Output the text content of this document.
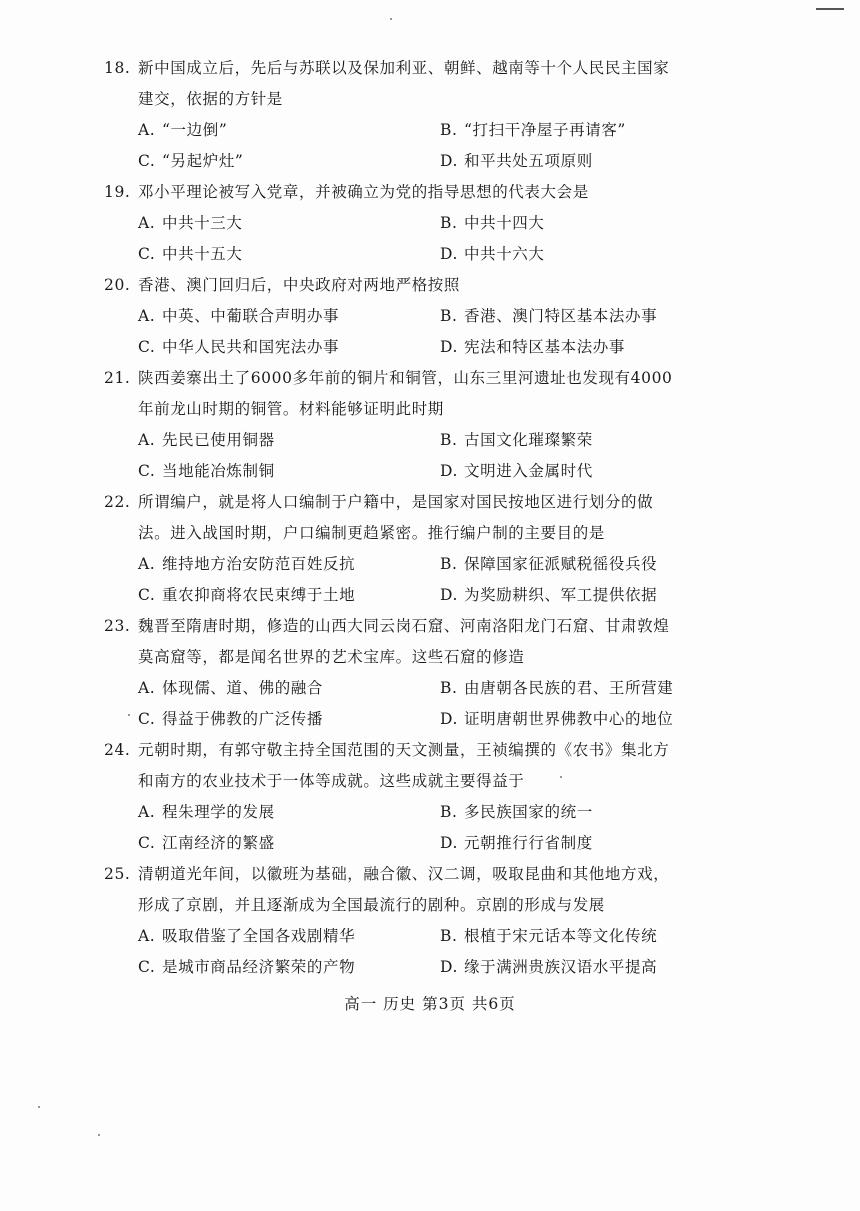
18. 新中国成立后，先后与苏联以及保加利亚、朝鲜、越南等十个人民民主国家建交，依据的方针是
A. “一边倒”	B. “打扫干净屋子再请客”
C. “另起炉灶”	D. 和平共处五项原则
19. 邓小平理论被写入党章，并被确立为党的指导思想的代表大会是
A. 中共十三大	B. 中共十四大
C. 中共十五大	D. 中共十六大
20. 香港、澳门回归后，中央政府对两地严格按照
A. 中英、中葡联合声明办事	B. 香港、澳门特区基本法办事
C. 中华人民共和国宪法办事	D. 宪法和特区基本法办事
21. 陕西姜寨出土了6000多年前的铜片和铜管，山东三里河遗址也发现有4000年前龙山时期的铜管。材料能够证明此时期
A. 先民已使用铜器	B. 古国文化璀璨繁荣
C. 当地能冶炼制铜	D. 文明进入金属时代
22. 所谓编户，就是将人口编制于户籍中，是国家对国民按地区进行划分的做法。进入战国时期，户口编制更趋紧密。推行编户制的主要目的是
A. 维持地方治安防范百姓反抗	B. 保障国家征派赋税徭役兵役
C. 重农抑商将农民束缚于土地	D. 为奖励耕织、军工提供依据
23. 魏晋至隋唐时期，修造的山西大同云岗石窟、河南洛阳龙门石窟、甘肃敦煌莫高窟等，都是闻名世界的艺术宝库。这些石窟的修造
A. 体现儒、道、佛的融合	B. 由唐朝各民族的君、王所营建
C. 得益于佛教的广泛传播	D. 证明唐朝世界佛教中心的地位
24. 元朝时期，有郭守敬主持全国范围的天文测量，王祯编撰的《农书》集北方和南方的农业技术于一体等成就。这些成就主要得益于
A. 程朱理学的发展	B. 多民族国家的统一
C. 江南经济的繁盛	D. 元朝推行行省制度
25. 清朝道光年间，以徽班为基础，融合徽、汉二调，吸取昆曲和其他地方戏，形成了京剧，并且逐渐成为全国最流行的剧种。京剧的形成与发展
A. 吸取借鉴了全国各戏剧精华	B. 根植于宋元话本等文化传统
C. 是城市商品经济繁荣的产物	D. 缘于满洲贵族汉语水平提高
高一 历史 第3页 共6页
